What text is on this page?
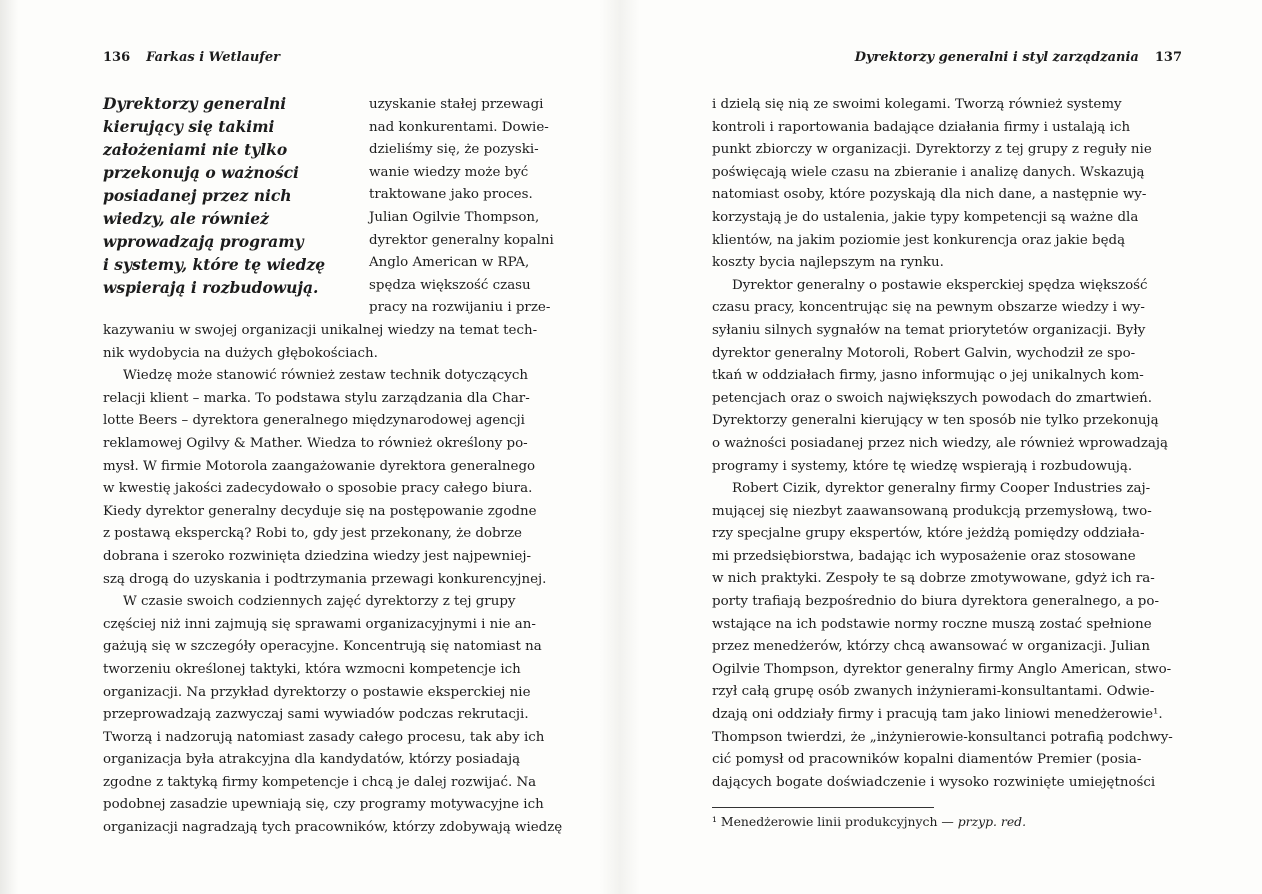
136 Farkas i Wetlaufer
Dyrektorzy generalni
kierujący się takimi
założeniami nie tylko
przekonują o ważności
posiadanej przez nich
wiedzy, ale również
wprowadzają programy
i systemy, które tę wiedzę
wspierają i rozbudowują.
uzyskanie stałej przewagi
nad konkurentami. Dowie-
dzieliśmy się, że pozyski-
wanie wiedzy może być
traktowane jako proces.
Julian Ogilvie Thompson,
dyrektor generalny kopalni
Anglo American w RPA,
spędza większość czasu
pracy na rozwijaniu i prze-
kazywaniu w swojej organizacji unikalnej wiedzy na temat tech-
nik wydobycia na dużych głębokościach.
Wiedzę może stanowić również zestaw technik dotyczących
relacji klient – marka. To podstawa stylu zarządzania dla Char-
lotte Beers – dyrektora generalnego międzynarodowej agencji
reklamowej Ogilvy & Mather. Wiedza to również określony po-
mysł. W firmie Motorola zaangażowanie dyrektora generalnego
w kwestię jakości zadecydowało o sposobie pracy całego biura.
Kiedy dyrektor generalny decyduje się na postępowanie zgodne
z postawą ekspercką? Robi to, gdy jest przekonany, że dobrze
dobrana i szeroko rozwinięta dziedzina wiedzy jest najpewniej-
szą drogą do uzyskania i podtrzymania przewagi konkurencyjnej.
W czasie swoich codziennych zajęć dyrektorzy z tej grupy
częściej niż inni zajmują się sprawami organizacyjnymi i nie an-
gażują się w szczegóły operacyjne. Koncentrują się natomiast na
tworzeniu określonej taktyki, która wzmocni kompetencje ich
organizacji. Na przykład dyrektorzy o postawie eksperckiej nie
przeprowadzają zazwyczaj sami wywiadów podczas rekrutacji.
Tworzą i nadzorują natomiast zasady całego procesu, tak aby ich
organizacja była atrakcyjna dla kandydatów, którzy posiadają
zgodne z taktyką firmy kompetencje i chcą je dalej rozwijać. Na
podobnej zasadzie upewniają się, czy programy motywacyjne ich
organizacji nagradzają tych pracowników, którzy zdobywają wiedzę
Dyrektorzy generalni i styl zarządzania 137
i dzielą się nią ze swoimi kolegami. Tworzą również systemy
kontroli i raportowania badające działania firmy i ustalają ich
punkt zbiorczy w organizacji. Dyrektorzy z tej grupy z reguły nie
poświęcają wiele czasu na zbieranie i analizę danych. Wskazują
natomiast osoby, które pozyskają dla nich dane, a następnie wy-
korzystają je do ustalenia, jakie typy kompetencji są ważne dla
klientów, na jakim poziomie jest konkurencja oraz jakie będą
koszty bycia najlepszym na rynku.
Dyrektor generalny o postawie eksperckiej spędza większość
czasu pracy, koncentrując się na pewnym obszarze wiedzy i wy-
syłaniu silnych sygnałów na temat priorytetów organizacji. Były
dyrektor generalny Motoroli, Robert Galvin, wychodził ze spo-
tkań w oddziałach firmy, jasno informując o jej unikalnych kom-
petencjach oraz o swoich największych powodach do zmartwień.
Dyrektorzy generalni kierujący w ten sposób nie tylko przekonują
o ważności posiadanej przez nich wiedzy, ale również wprowadzają
programy i systemy, które tę wiedzę wspierają i rozbudowują.
Robert Cizik, dyrektor generalny firmy Cooper Industries zaj-
mującej się niezbyt zaawansowaną produkcją przemysłową, two-
rzy specjalne grupy ekspertów, które jeżdżą pomiędzy oddziała-
mi przedsiębiorstwa, badając ich wyposażenie oraz stosowane
w nich praktyki. Zespoły te są dobrze zmotywowane, gdyż ich ra-
porty trafiają bezpośrednio do biura dyrektora generalnego, a po-
wstające na ich podstawie normy roczne muszą zostać spełnione
przez menedżerów, którzy chcą awansować w organizacji. Julian
Ogilvie Thompson, dyrektor generalny firmy Anglo American, stwo-
rzył całą grupę osób zwanych inżynierami-konsultantami. Odwie-
dzają oni oddziały firmy i pracują tam jako liniowi menedżerowie¹.
Thompson twierdzi, że „inżynierowie-konsultanci potrafią podchwy-
cić pomysł od pracowników kopalni diamentów Premier (posia-
dających bogate doświadczenie i wysoko rozwinięte umiejętności
¹ Menedżerowie linii produkcyjnych — przyp. red.
